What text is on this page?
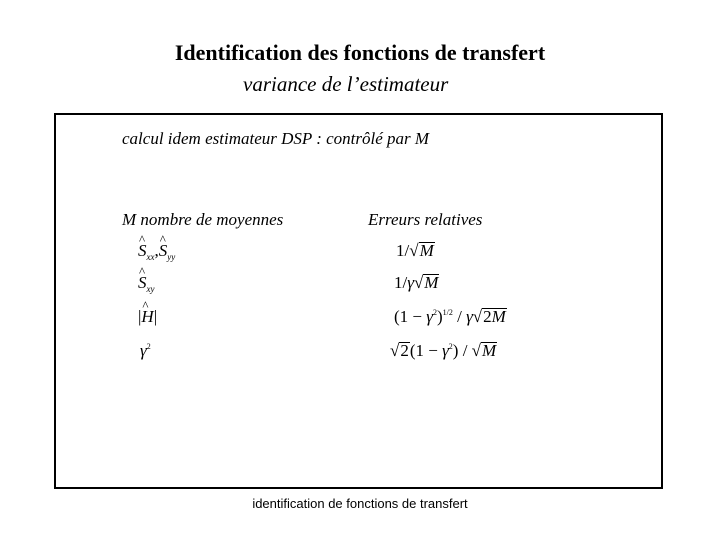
Identification des fonctions de transfert
variance de l’estimateur
calcul idem estimateur DSP : contrôlé par M
M nombre de moyennes	Erreurs relatives
^ $S_{xx},\^{}$ $S_{yy}$	1/√M
^ $S_{xy}$	1/γ√M
|^ H|	$(1 - \gamma^2)^{1/2} / \gamma√2M$
$\gamma^2$	$√2(1 - \gamma^2) / √M$
identification de fonctions de transfert
